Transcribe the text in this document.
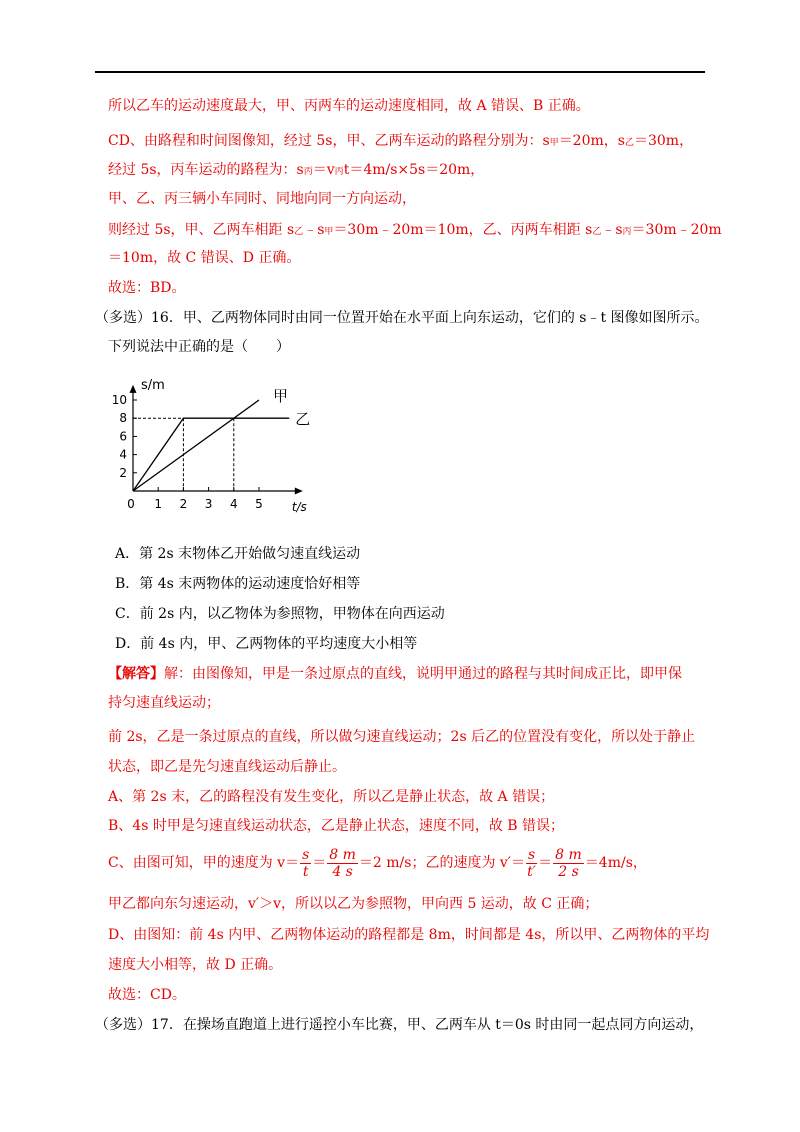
所以乙车的运动速度最大，甲、丙两车的运动速度相同，故 A 错误、B 正确。
CD、由路程和时间图像知，经过 5s，甲、乙两车运动的路程分别为：s甲＝20m，s乙＝30m，
经过 5s，丙车运动的路程为：s丙＝v丙t＝4m/s×5s＝20m，
甲、乙、丙三辆小车同时、同地向同一方向运动，
则经过 5s，甲、乙两车相距 s乙﹣s甲＝30m﹣20m＝10m，乙、丙两车相距 s乙﹣s丙＝30m﹣20m
＝10m，故 C 错误、D 正确。
故选：BD。
（多选）16．甲、乙两物体同时由同一位置开始在水平面上向东运动，它们的 s﹣t 图像如图所示。
下列说法中正确的是（　　）
0 1 2 3 4 5
2
4
6
8
10
s/m
t/s
甲
乙
A．第 2s 末物体乙开始做匀速直线运动
B．第 4s 末两物体的运动速度恰好相等
C．前 2s 内，以乙物体为参照物，甲物体在向西运动
D．前 4s 内，甲、乙两物体的平均速度大小相等
【解答】解：由图像知，甲是一条过原点的直线，说明甲通过的路程与其时间成正比，即甲保
持匀速直线运动；
前 2s，乙是一条过原点的直线，所以做匀速直线运动；2s 后乙的位置没有变化，所以处于静止
状态，即乙是先匀速直线运动后静止。
A、第 2s 末，乙的路程没有发生变化，所以乙是静止状态，故 A 错误；
B、4s 时甲是匀速直线运动状态，乙是静止状态，速度不同，故 B 错误；
C、由图可知，甲的速度为 $v= \frac{s}{t} = \frac{8 m}{4 s} =2$ m/s；乙的速度为 $v'= \frac{s}{t'} = \frac{8 m}{2 s} =4m/s$，
甲乙都向东匀速运动，v′＞v，所以以乙为参照物，甲向西 5 运动，故 C 正确；
D、由图知：前 4s 内甲、乙两物体运动的路程都是 8m，时间都是 4s，所以甲、乙两物体的平均
速度大小相等，故 D 正确。
故选：CD。
（多选）17．在操场直跑道上进行遥控小车比赛，甲、乙两车从 t＝0s 时由同一起点同方向运动，
